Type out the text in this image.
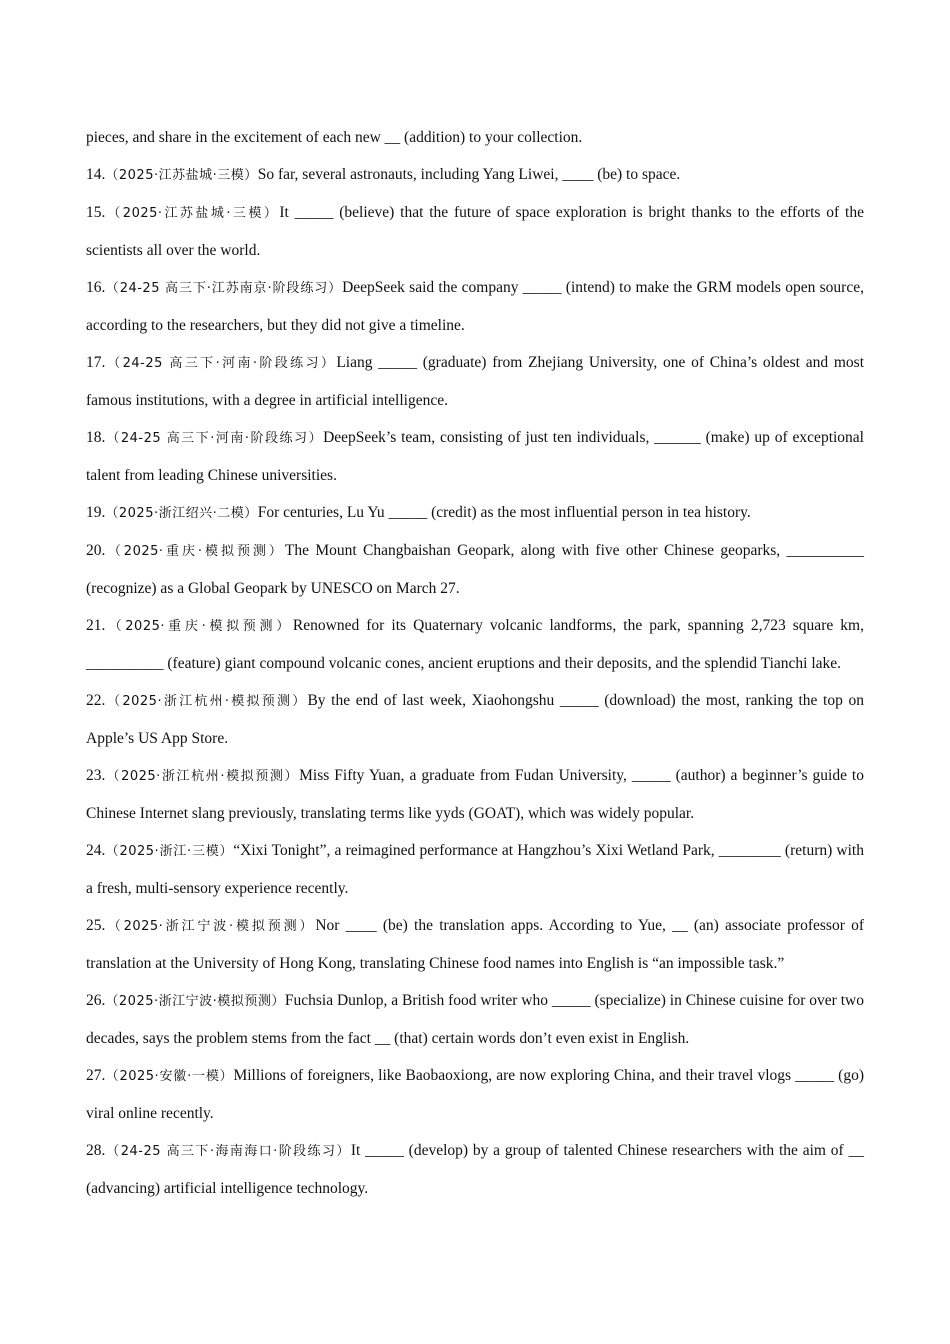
pieces, and share in the excitement of each new __ (addition) to your collection.

14.（2025·江苏盐城·三模）So far, several astronauts, including Yang Liwei, ____ (be) to space.

15.（2025·江苏盐城·三模）It _____ (believe) that the future of space exploration is bright thanks to the efforts of the scientists all over the world.

16.（24-25 高三下·江苏南京·阶段练习）DeepSeek said the company _____ (intend) to make the GRM models open source, according to the researchers, but they did not give a timeline.

17.（24-25 高三下·河南·阶段练习）Liang _____ (graduate) from Zhejiang University, one of China’s oldest and most famous institutions, with a degree in artificial intelligence.

18.（24-25 高三下·河南·阶段练习）DeepSeek’s team, consisting of just ten individuals, ______ (make) up of exceptional talent from leading Chinese universities.

19.（2025·浙江绍兴·二模）For centuries, Lu Yu _____ (credit) as the most influential person in tea history.

20.（2025·重庆·模拟预测）The Mount Changbaishan Geopark, along with five other Chinese geoparks, __________ (recognize) as a Global Geopark by UNESCO on March 27.

21.（2025·重庆·模拟预测）Renowned for its Quaternary volcanic landforms, the park, spanning 2,723 square km, __________ (feature) giant compound volcanic cones, ancient eruptions and their deposits, and the splendid Tianchi lake.

22.（2025·浙江杭州·模拟预测）By the end of last week, Xiaohongshu _____ (download) the most, ranking the top on Apple’s US App Store.

23.（2025·浙江杭州·模拟预测）Miss Fifty Yuan, a graduate from Fudan University, _____ (author) a beginner’s guide to Chinese Internet slang previously, translating terms like yyds (GOAT), which was widely popular.

24.（2025·浙江·三模）“Xixi Tonight”, a reimagined performance at Hangzhou’s Xixi Wetland Park, ________ (return) with a fresh, multi-sensory experience recently.

25.（2025·浙江宁波·模拟预测）Nor ____ (be) the translation apps. According to Yue, __ (an) associate professor of translation at the University of Hong Kong, translating Chinese food names into English is “an impossible task.”

26.（2025·浙江宁波·模拟预测）Fuchsia Dunlop, a British food writer who _____ (specialize) in Chinese cuisine for over two decades, says the problem stems from the fact __ (that) certain words don’t even exist in English.

27.（2025·安徽·一模）Millions of foreigners, like Baobaoxiong, are now exploring China, and their travel vlogs _____ (go) viral online recently.

28.（24-25 高三下·海南海口·阶段练习）It _____ (develop) by a group of talented Chinese researchers with the aim of __ (advancing) artificial intelligence technology.
